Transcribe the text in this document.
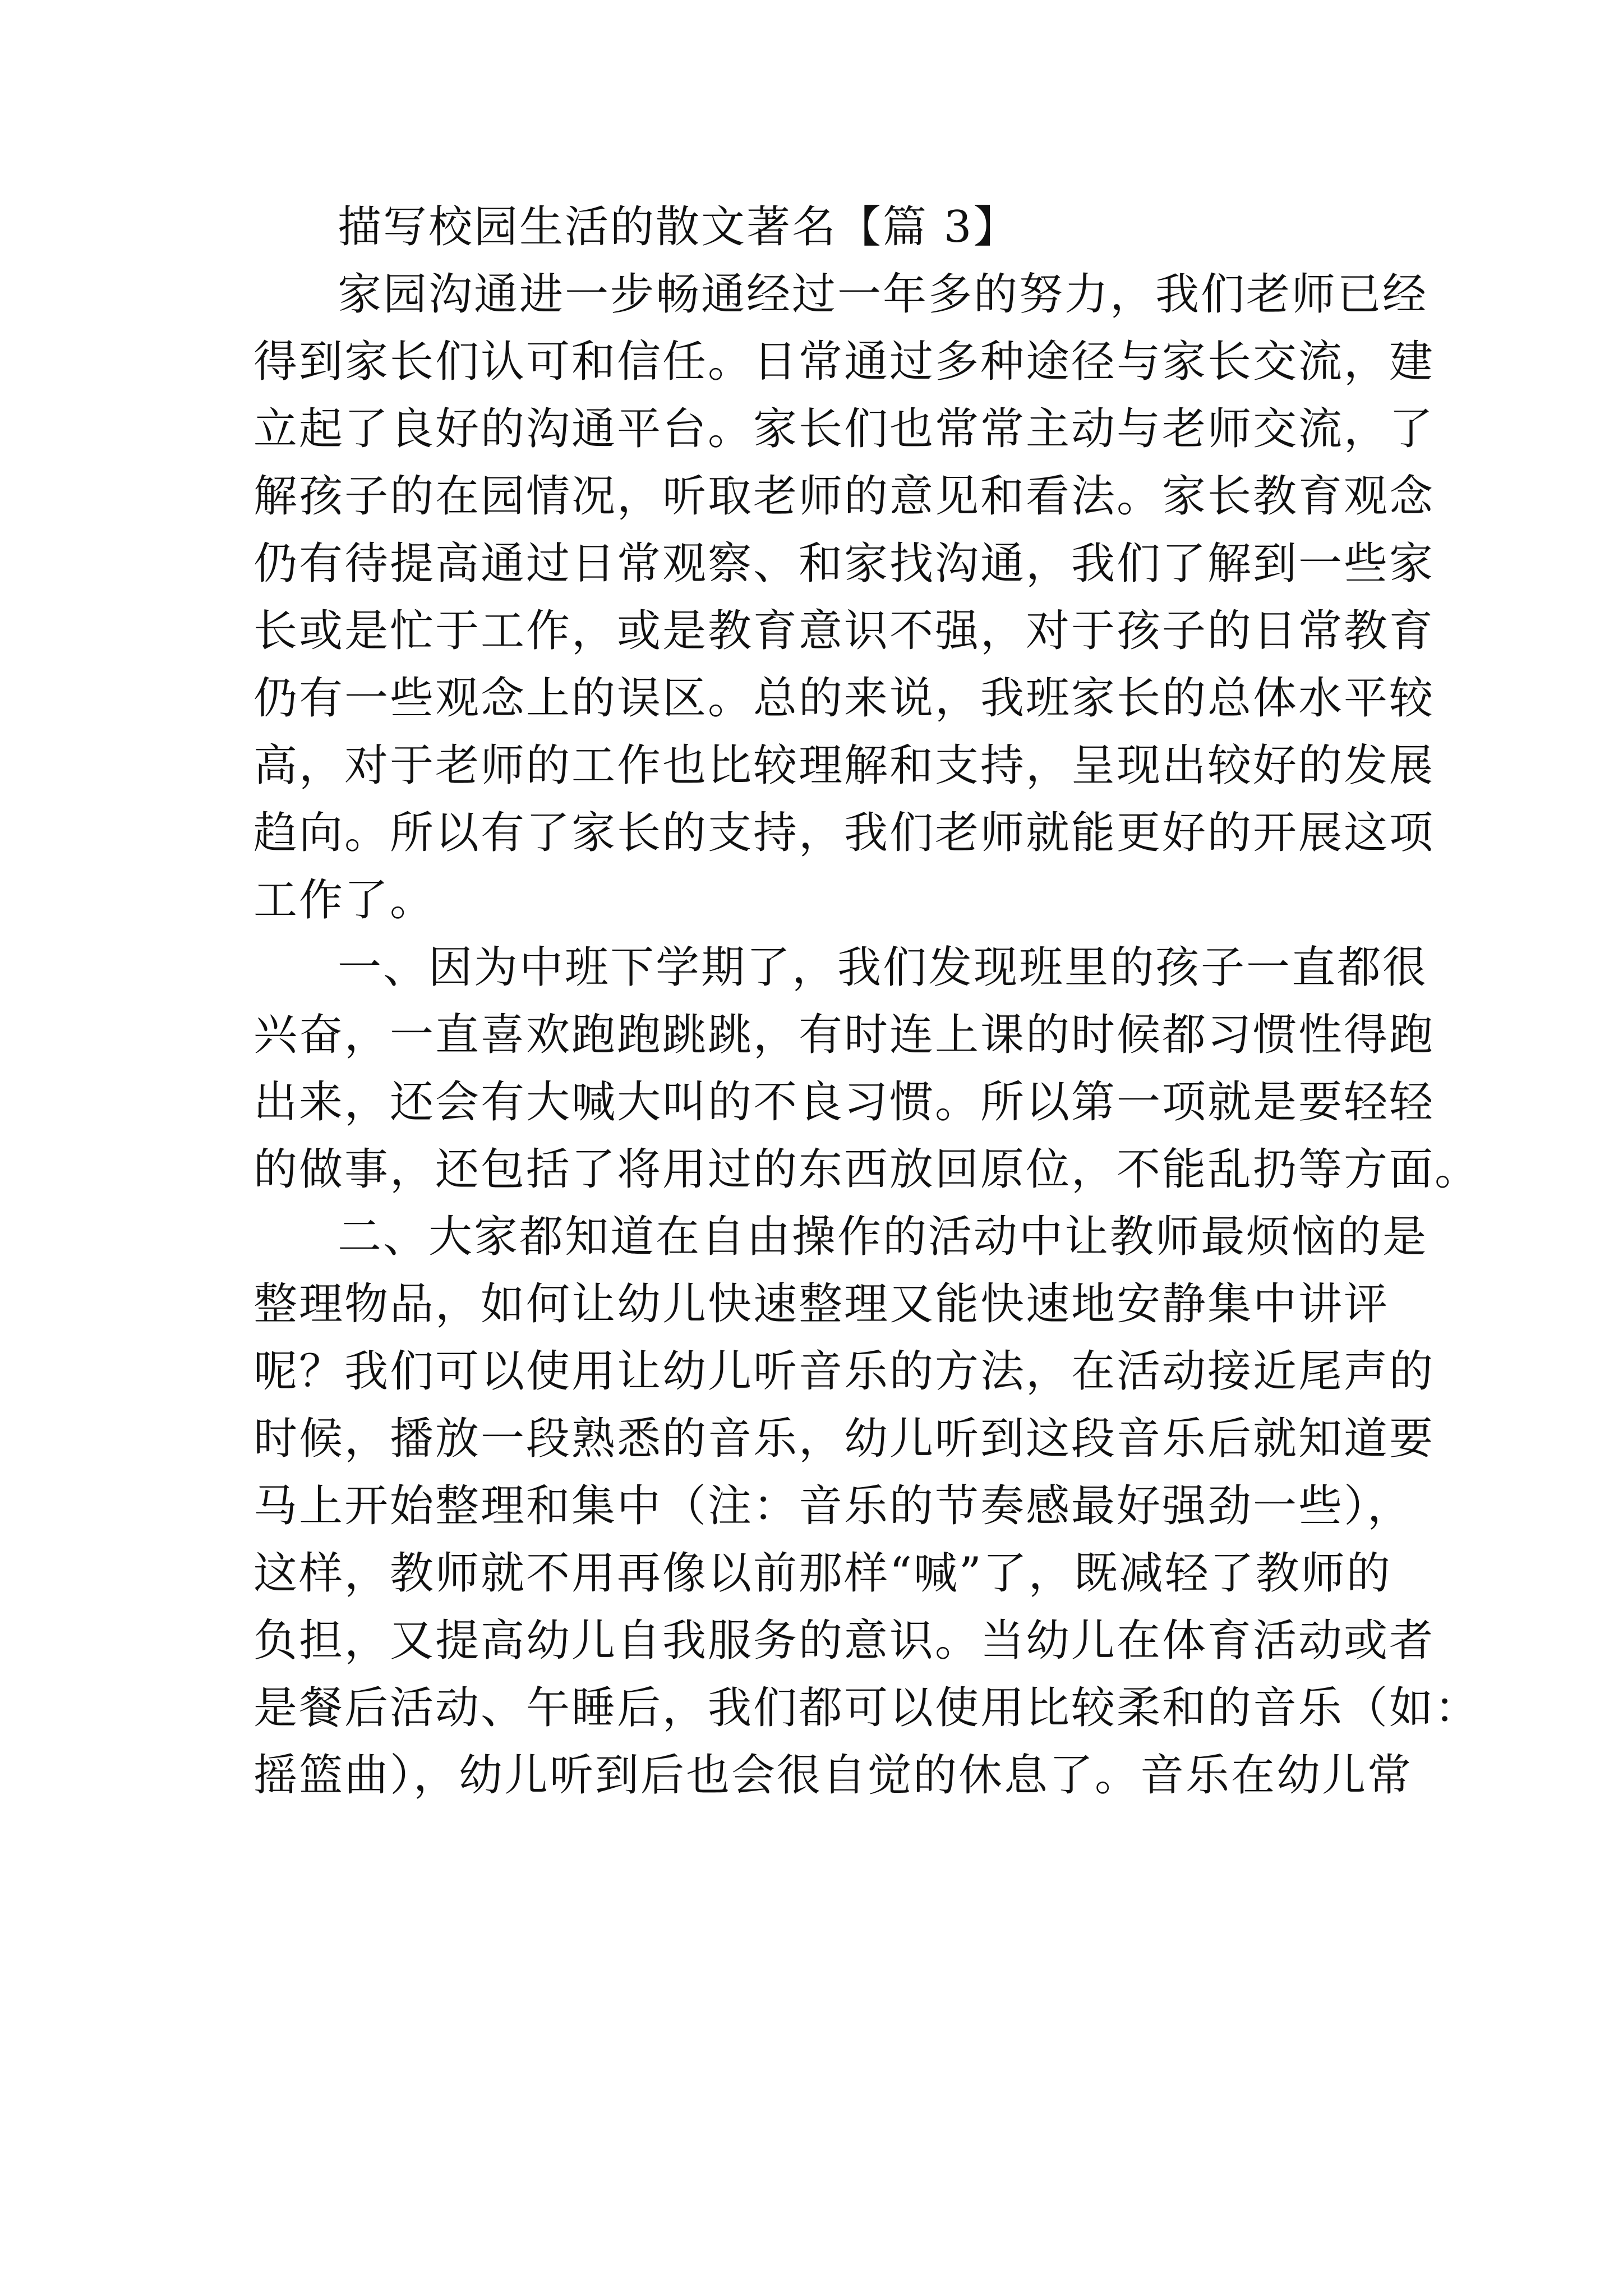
描写校园生活的散文著名【篇 3】
家园沟通进一步畅通经过一年多的努力，我们老师已经
得到家长们认可和信任。日常通过多种途径与家长交流，建
立起了良好的沟通平台。家长们也常常主动与老师交流，了
解孩子的在园情况，听取老师的意见和看法。家长教育观念
仍有待提高通过日常观察、和家找沟通，我们了解到一些家
长或是忙于工作，或是教育意识不强，对于孩子的日常教育
仍有一些观念上的误区。总的来说，我班家长的总体水平较
高，对于老师的工作也比较理解和支持，呈现出较好的发展
趋向。所以有了家长的支持，我们老师就能更好的开展这项
工作了。
一、因为中班下学期了，我们发现班里的孩子一直都很
兴奋，一直喜欢跑跑跳跳，有时连上课的时候都习惯性得跑
出来，还会有大喊大叫的不良习惯。所以第一项就是要轻轻
的做事，还包括了将用过的东西放回原位，不能乱扔等方面。
二、大家都知道在自由操作的活动中让教师最烦恼的是
整理物品，如何让幼儿快速整理又能快速地安静集中讲评
呢？我们可以使用让幼儿听音乐的方法，在活动接近尾声的
时候，播放一段熟悉的音乐，幼儿听到这段音乐后就知道要
马上开始整理和集中（注：音乐的节奏感最好强劲一些），
这样，教师就不用再像以前那样“喊”了，既减轻了教师的
负担，又提高幼儿自我服务的意识。当幼儿在体育活动或者
是餐后活动、午睡后，我们都可以使用比较柔和的音乐（如：
摇篮曲），幼儿听到后也会很自觉的休息了。音乐在幼儿常
